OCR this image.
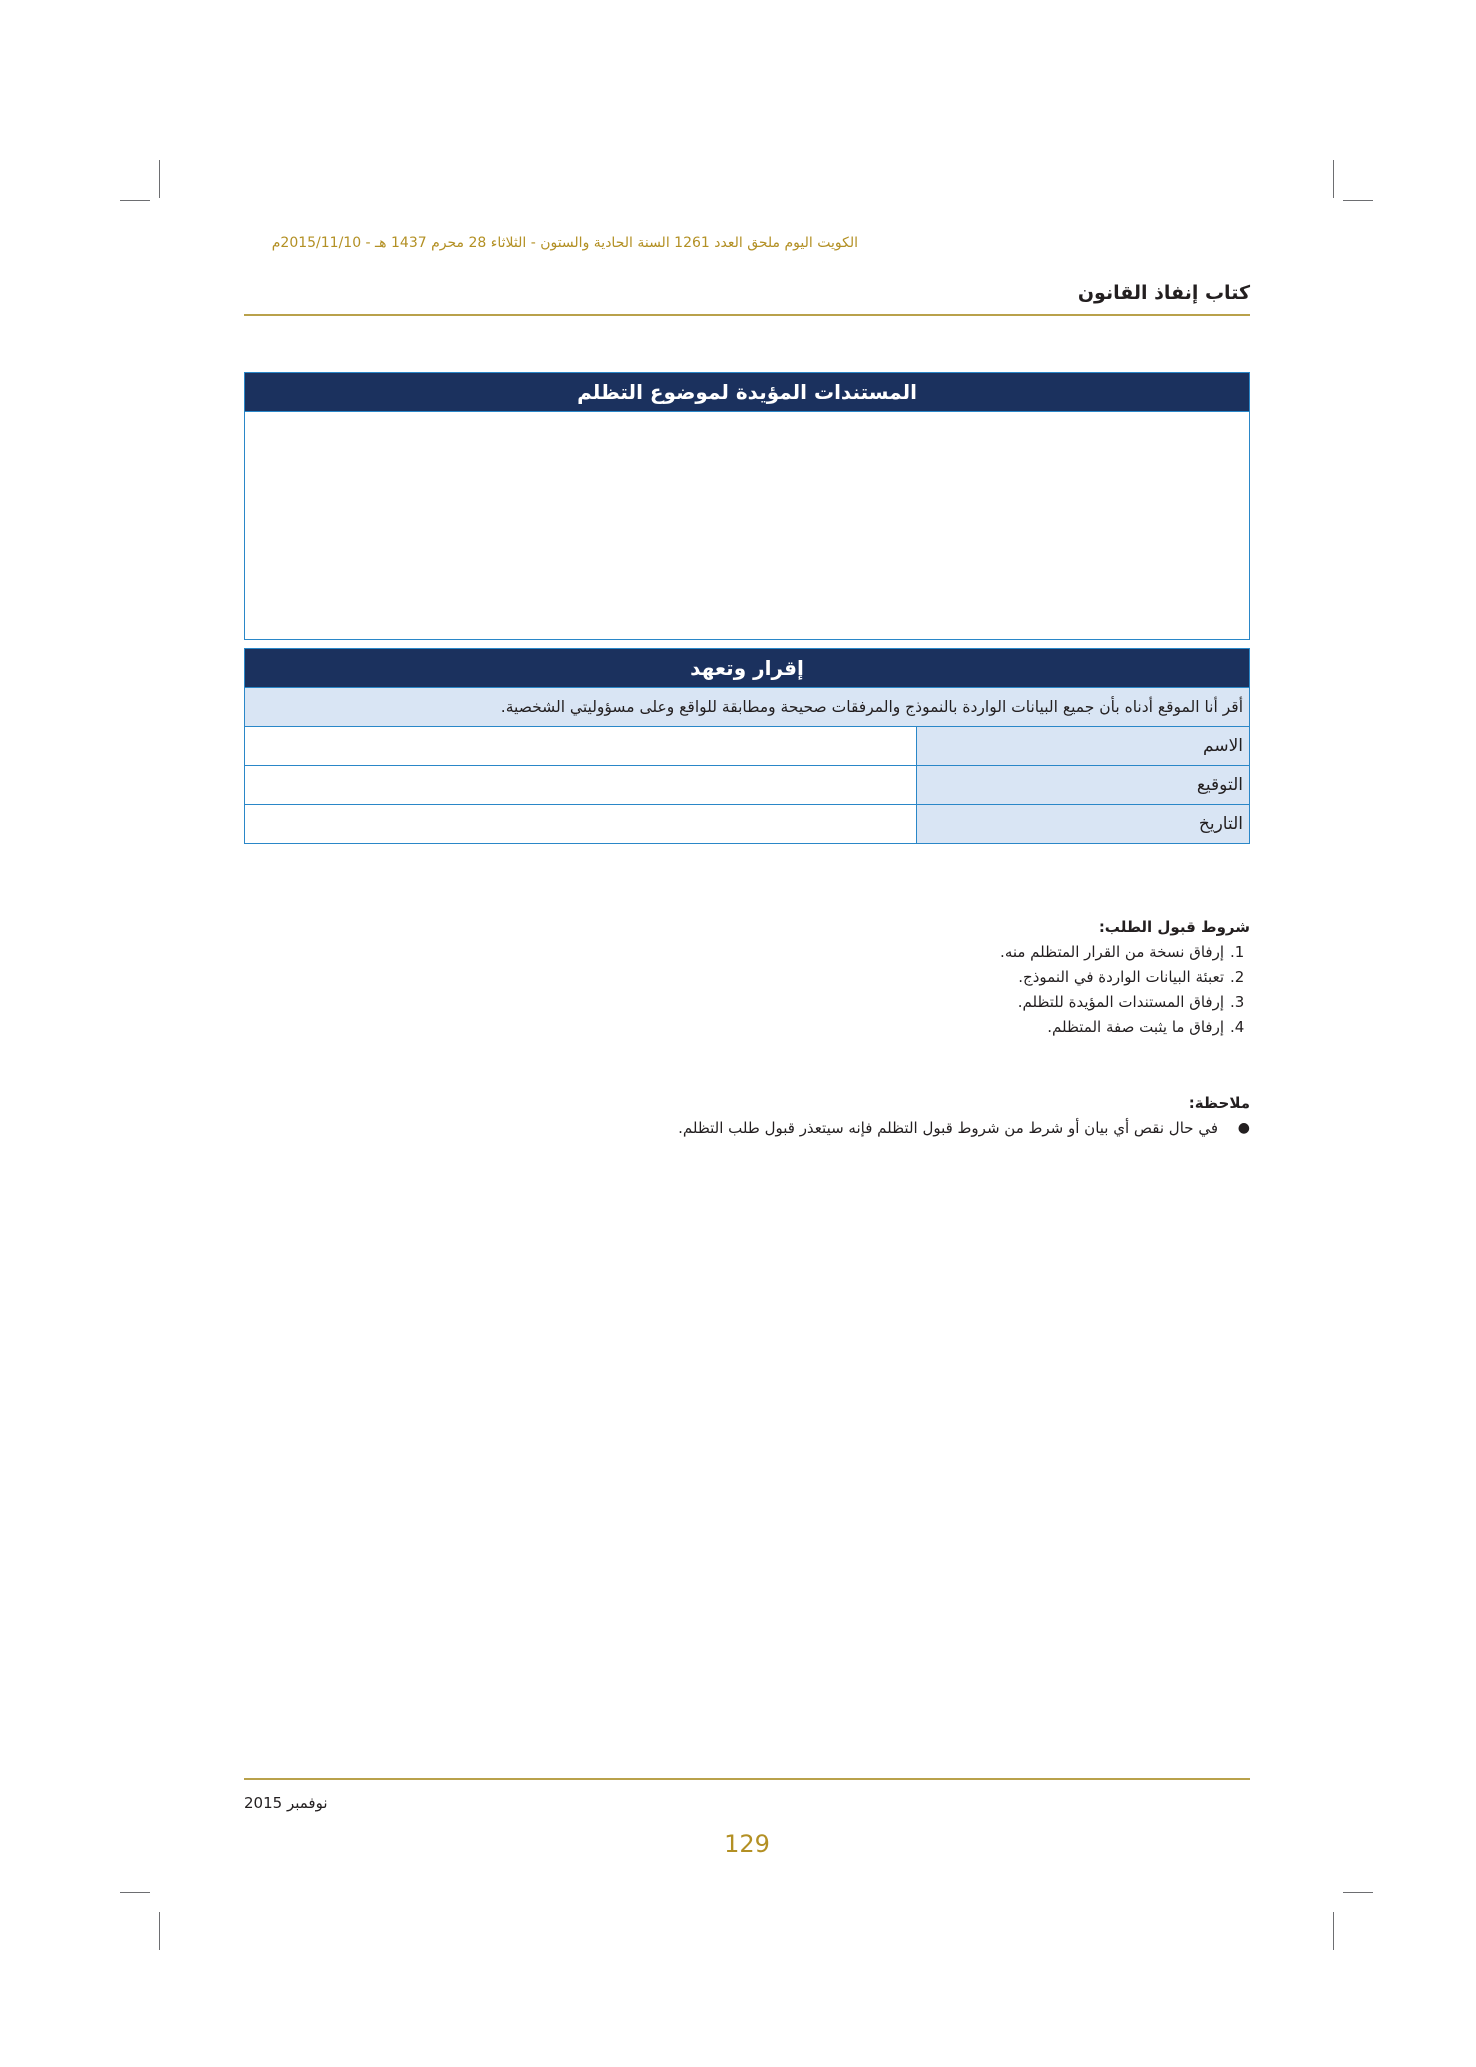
الكويت اليوم ملحق العدد 1261 السنة الحادية والستون - الثلاثاء 28 محرم 1437 هـ - 2015/11/10م
كتاب إنفاذ القانون
المستندات المؤيدة لموضوع التظلم
إقرار وتعهد
أقر أنا الموقع أدناه بأن جميع البيانات الواردة بالنموذج والمرفقات صحيحة ومطابقة للواقع وعلى مسؤوليتي الشخصية.
الاسم
التوقيع
التاريخ
شروط قبول الطلب:
1.
إرفاق نسخة من القرار المتظلم منه.
2.
تعبئة البيانات الواردة في النموذج.
3.
إرفاق المستندات المؤيدة للتظلم.
4.
إرفاق ما يثبت صفة المتظلم.
ملاحظة:
●
في حال نقص أي بيان أو شرط من شروط قبول التظلم فإنه سيتعذر قبول طلب التظلم.
نوفمبر 2015
129
